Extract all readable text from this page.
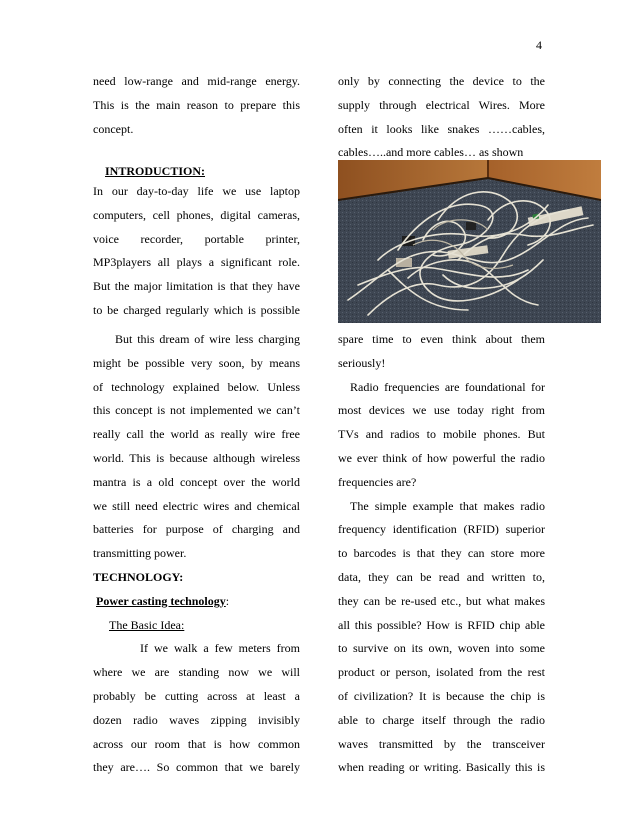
4
need low-range and mid-range energy.
This is the main reason to prepare this
concept.
INTRODUCTION:
In our day-to-day life we use laptop
computers, cell phones, digital cameras,
voice recorder, portable printer,
MP3players all plays a significant role.
But the major limitation is that they have
to be charged regularly which is possible
only by connecting the device to the
supply through electrical Wires. More
often it looks like snakes ……cables,
cables…..and more cables… as shown
But this dream of wire less charging
might be possible very soon, by means
of technology explained below. Unless
this concept is not implemented we can’t
really call the world as really wire free
world. This is because although wireless
mantra is a old concept over the world
we still need electric wires and chemical
batteries for purpose of charging and
transmitting power.
TECHNOLOGY:
Power casting technology:
The Basic Idea:
If we walk a few meters from
where we are standing now we will
probably be cutting across at least a
dozen radio waves zipping invisibly
across our room that is how common
they are…. So common that we barely
spare time to even think about them
seriously!
Radio frequencies are foundational for
most devices we use today right from
TVs and radios to mobile phones. But
we ever think of how powerful the radio
frequencies are?
The simple example that makes radio
frequency identification (RFID) superior
to barcodes is that they can store more
data, they can be read and written to,
they can be re-used etc., but what makes
all this possible? How is RFID chip able
to survive on its own, woven into some
product or person, isolated from the rest
of civilization? It is because the chip is
able to charge itself through the radio
waves transmitted by the transceiver
when reading or writing. Basically this is
